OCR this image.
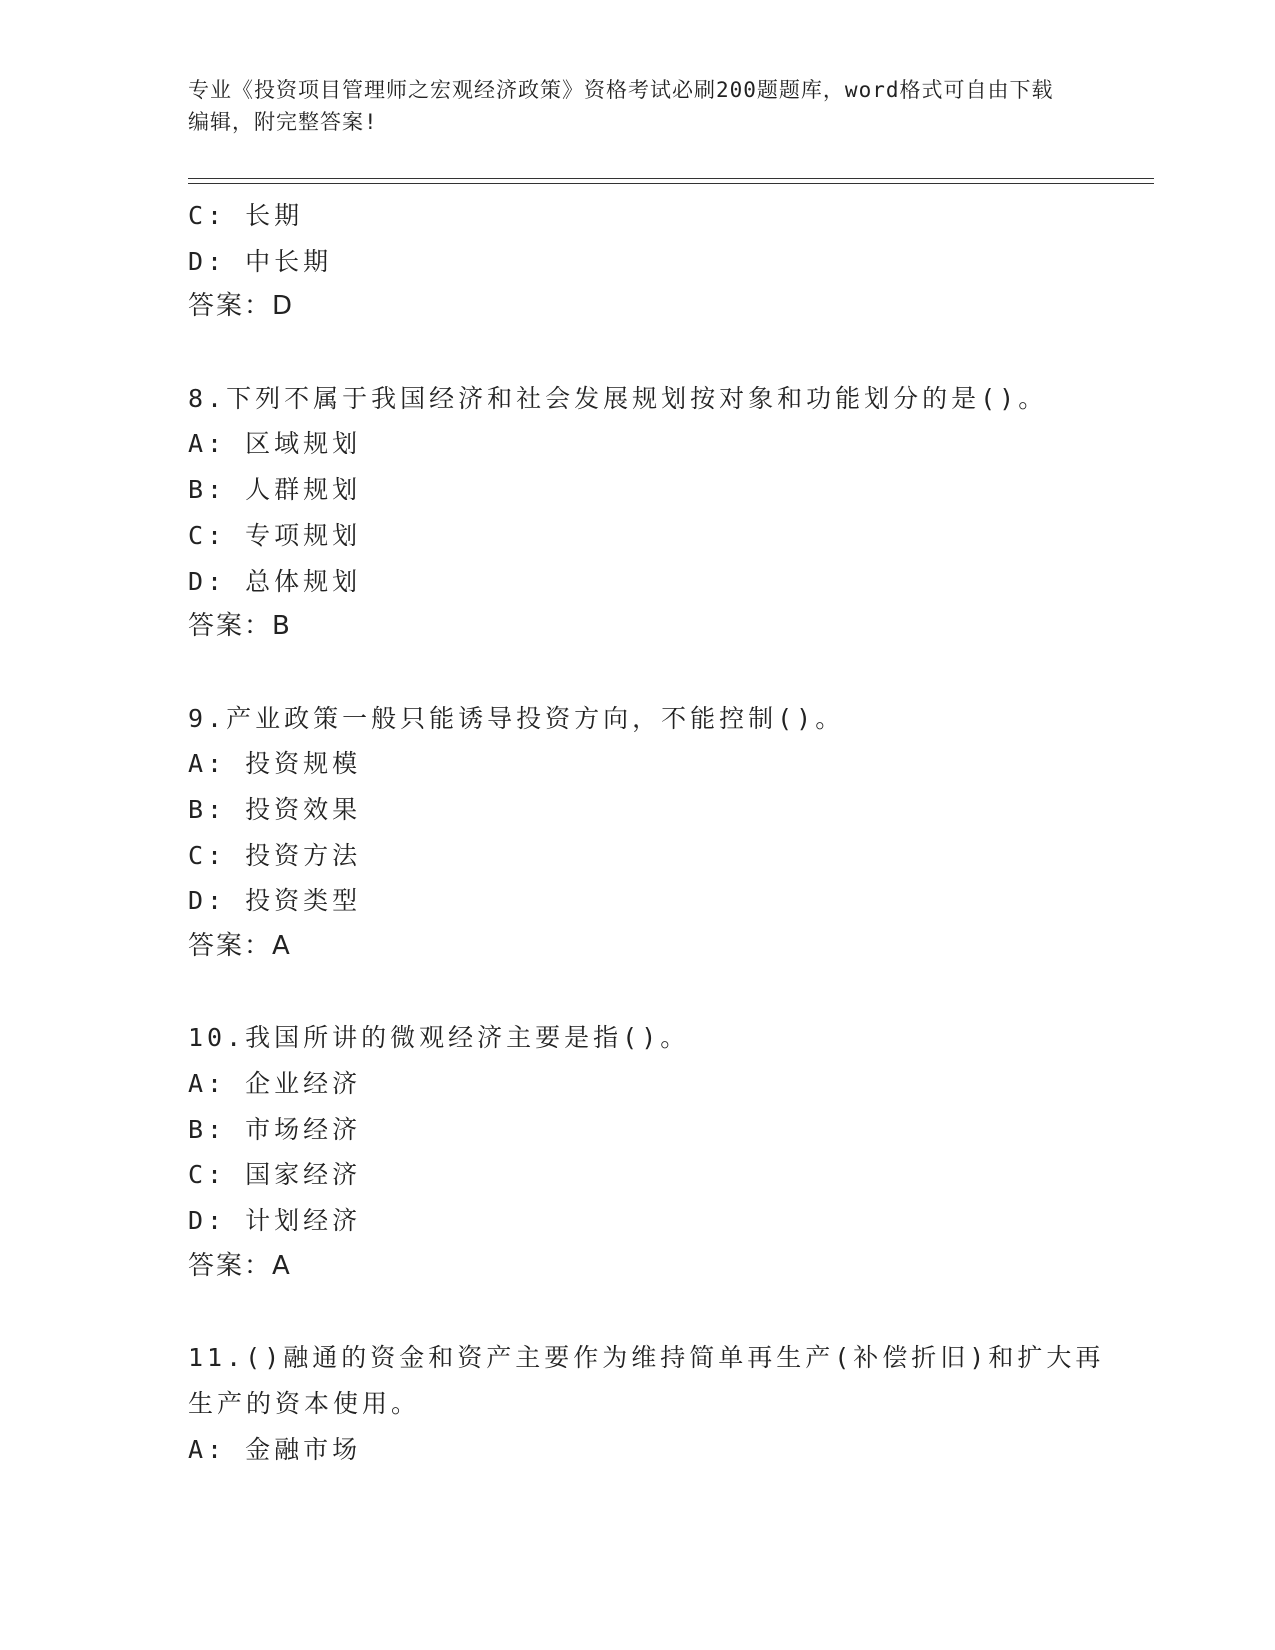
专业《投资项目管理师之宏观经济政策》资格考试必刷200题题库，word格式可自由下载编辑，附完整答案!
C: 长期
D: 中长期
答案：D
8.下列不属于我国经济和社会发展规划按对象和功能划分的是()。
A: 区域规划
B: 人群规划
C: 专项规划
D: 总体规划
答案：B
9.产业政策一般只能诱导投资方向，不能控制()。
A: 投资规模
B: 投资效果
C: 投资方法
D: 投资类型
答案：A
10.我国所讲的微观经济主要是指()。
A: 企业经济
B: 市场经济
C: 国家经济
D: 计划经济
答案：A
11.()融通的资金和资产主要作为维持简单再生产(补偿折旧)和扩大再
生产的资本使用。
A: 金融市场
